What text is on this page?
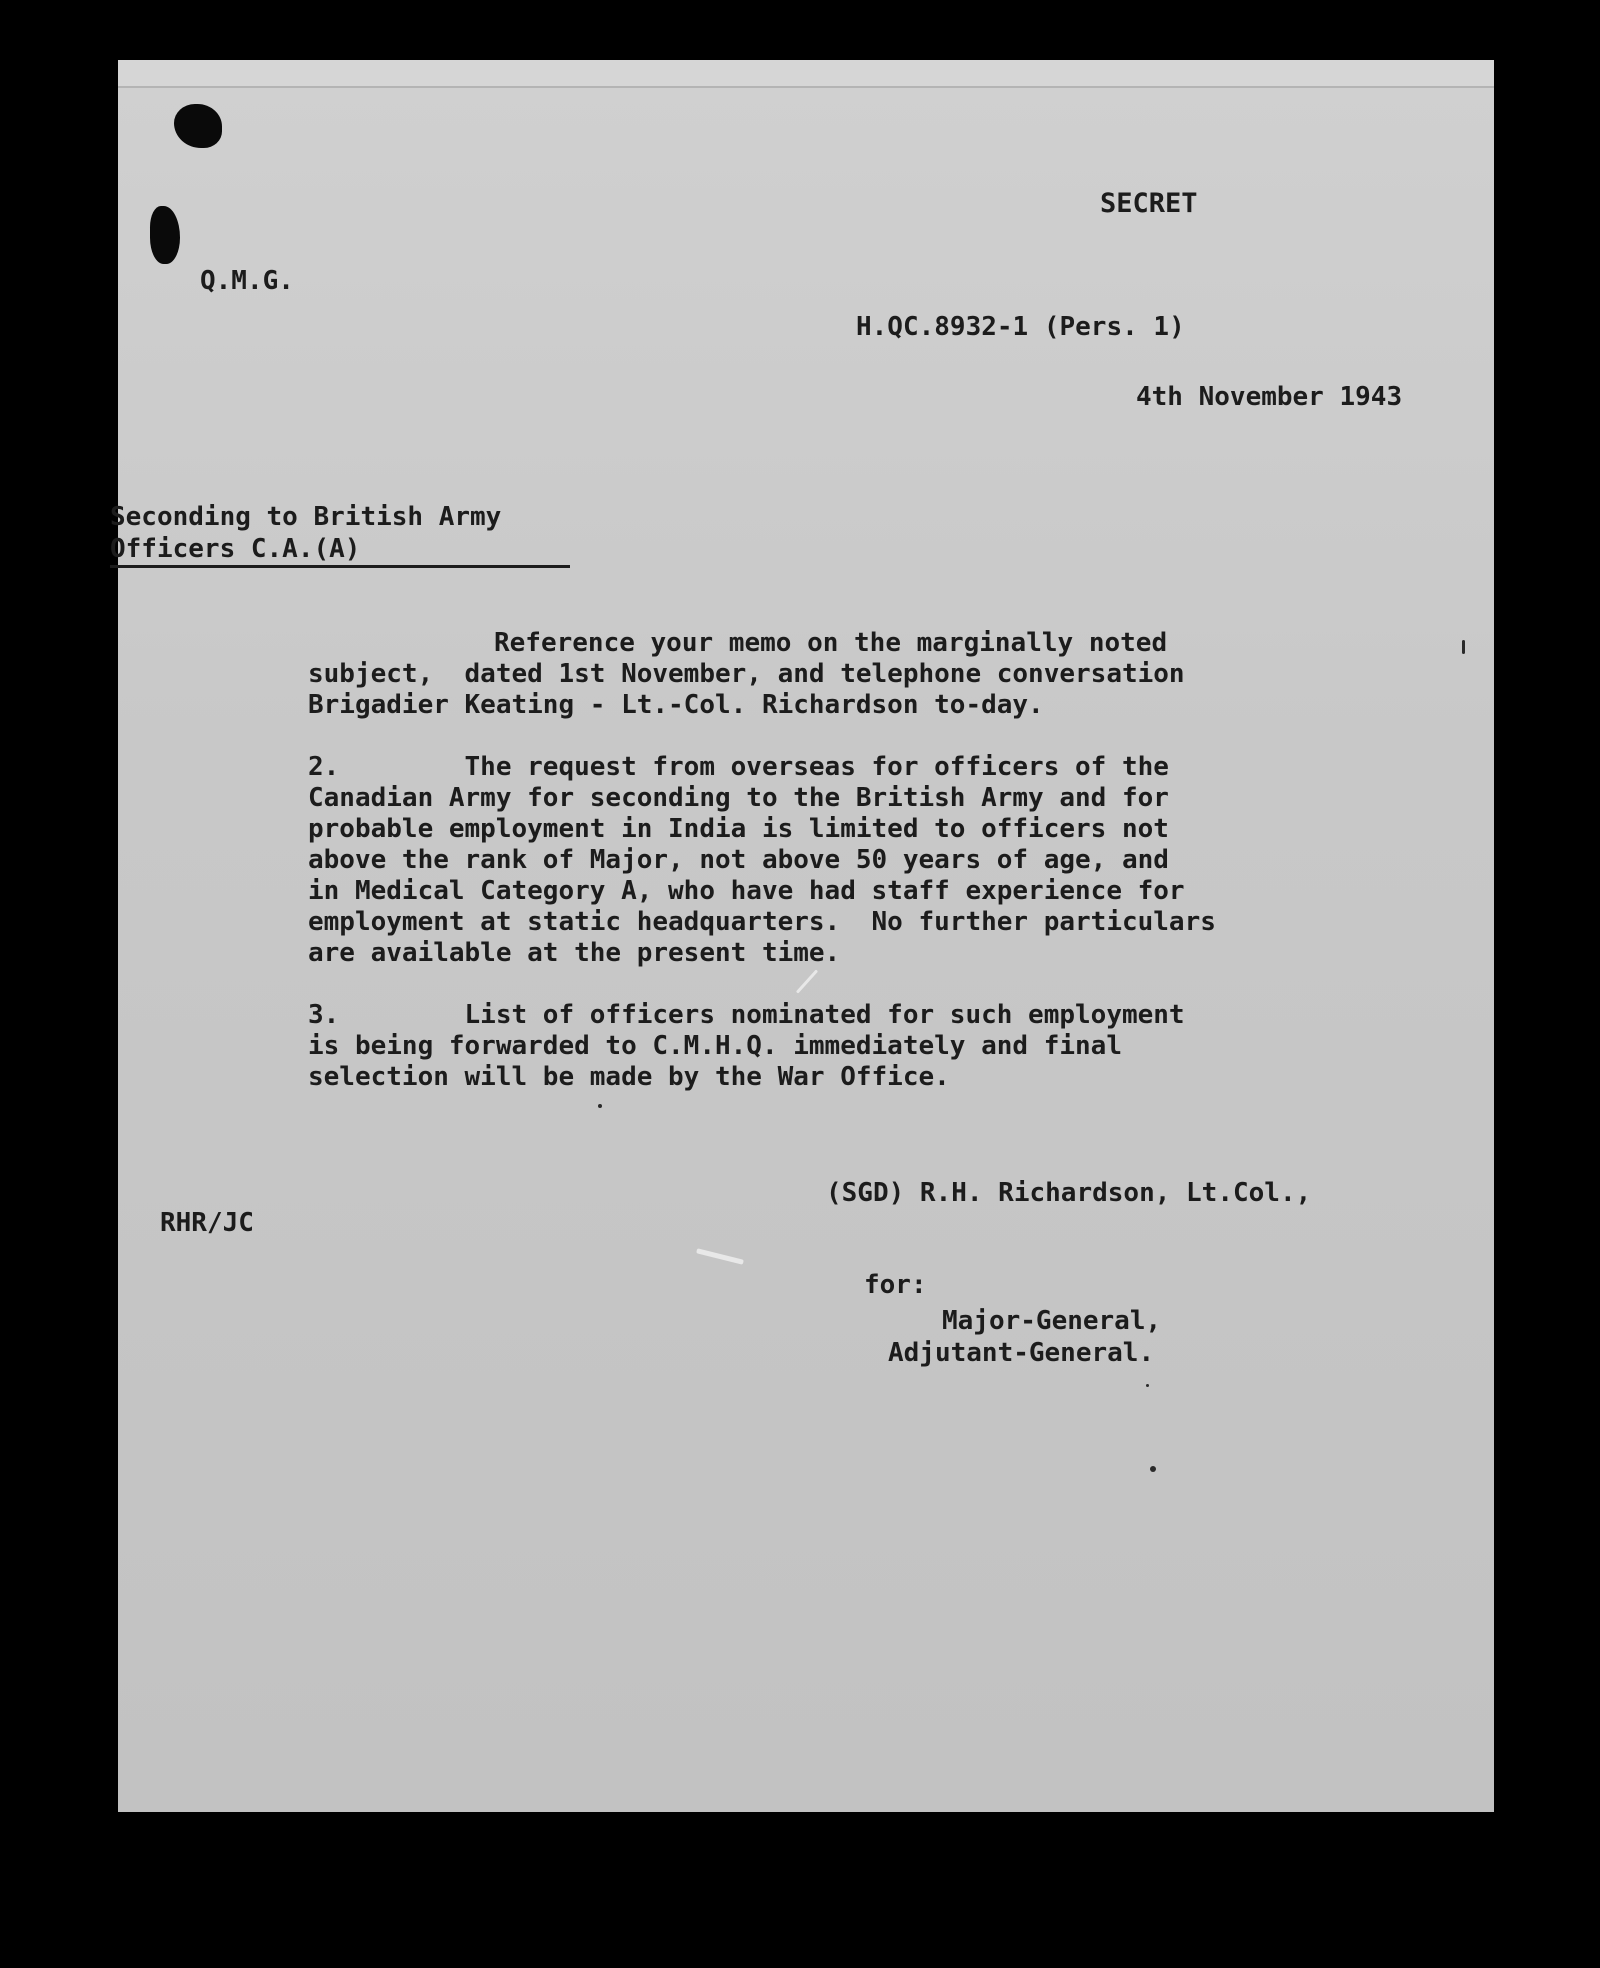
SECRET

Q.M.G.

H.QC.8932-1 (Pers. 1)

4th November 1943

Seconding to British Army

Officers C.A.(A)

Reference your memo on the marginally noted

subject,  dated 1st November, and telephone conversation

Brigadier Keating - Lt.-Col. Richardson to-day.

2.        The request from overseas for officers of the

Canadian Army for seconding to the British Army and for

probable employment in India is limited to officers not

above the rank of Major, not above 50 years of age, and

in Medical Category A, who have had staff experience for

employment at static headquarters.  No further particulars

are available at the present time.

3.        List of officers nominated for such employment

is being forwarded to C.M.H.Q. immediately and final

selection will be made by the War Office.

(SGD) R.H. Richardson, Lt.Col.,

RHR/JC

for:

Major-General,

Adjutant-General.
